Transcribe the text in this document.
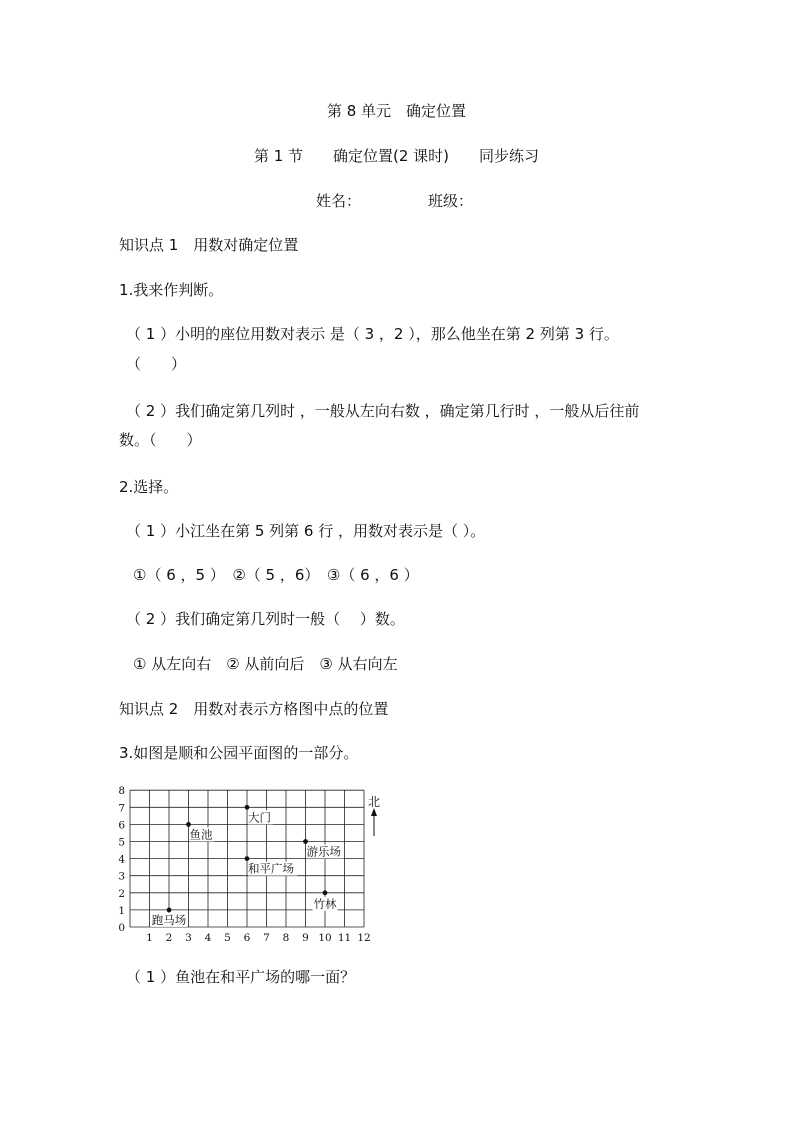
第 8 单元　确定位置
第 1 节　　确定位置(2 课时)　　同步练习
姓名：	班级：
知识点 1　用数对确定位置
1.我来作判断。
（ 1 ）小明的座位用数对表示 是（ 3 ，2 ），那么他坐在第 2 列第 3 行。
（　　）
（ 2 ）我们确定第几列时 ，一般从左向右数 ，确定第几行时 ，一般从后往前
数。（　　）
2.选择。
（ 1 ）小江坐在第 5 列第 6 行 ，用数对表示是（ ）。
①（ 6 ，5 ）　②（ 5 ，6）　③（ 6 ，6 ）
（ 2 ）我们确定第几列时一般（　 ）数。
① 从左向右　② 从前向后　③ 从右向左
知识点 2　用数对表示方格图中点的位置
3.如图是顺和公园平面图的一部分。
1 2 3 4 5 6 7 8 9 10 11 12
0
1
2
3
4
5
6
7
8
跑马场
鱼池
大门
和平广场
游乐场
竹林
北
（ 1 ）鱼池在和平广场的哪一面？
